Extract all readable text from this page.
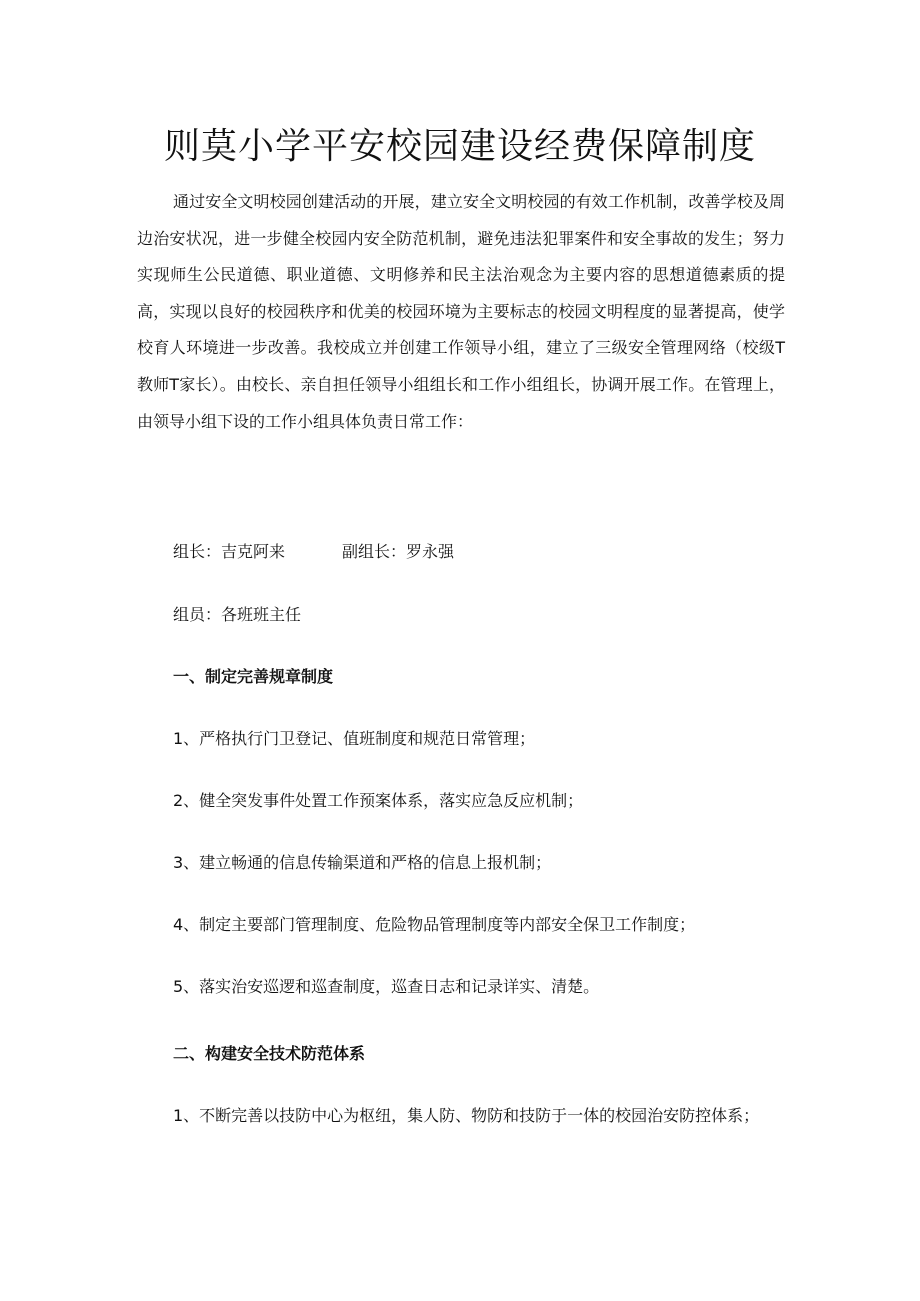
则莫小学平安校园建设经费保障制度

通过安全文明校园创建活动的开展，建立安全文明校园的有效工作机制，改善学校及周边治安状况，进一步健全校园内安全防范机制，避免违法犯罪案件和安全事故的发生；努力实现师生公民道德、职业道德、文明修养和民主法治观念为主要内容的思想道德素质的提高，实现以良好的校园秩序和优美的校园环境为主要标志的校园文明程度的显著提高，使学校育人环境进一步改善。我校成立并创建工作领导小组，建立了三级安全管理网络（校级T教师T家长）。由校长、亲自担任领导小组组长和工作小组组长，协调开展工作。在管理上，由领导小组下设的工作小组具体负责日常工作：

组长：吉克阿来	副组长：罗永强

组员：各班班主任

一、制定完善规章制度

1、严格执行门卫登记、值班制度和规范日常管理；

2、健全突发事件处置工作预案体系，落实应急反应机制；

3、建立畅通的信息传输渠道和严格的信息上报机制；

4、制定主要部门管理制度、危险物品管理制度等内部安全保卫工作制度；

5、落实治安巡逻和巡查制度，巡查日志和记录详实、清楚。

二、构建安全技术防范体系

1、不断完善以技防中心为枢纽，集人防、物防和技防于一体的校园治安防控体系；
